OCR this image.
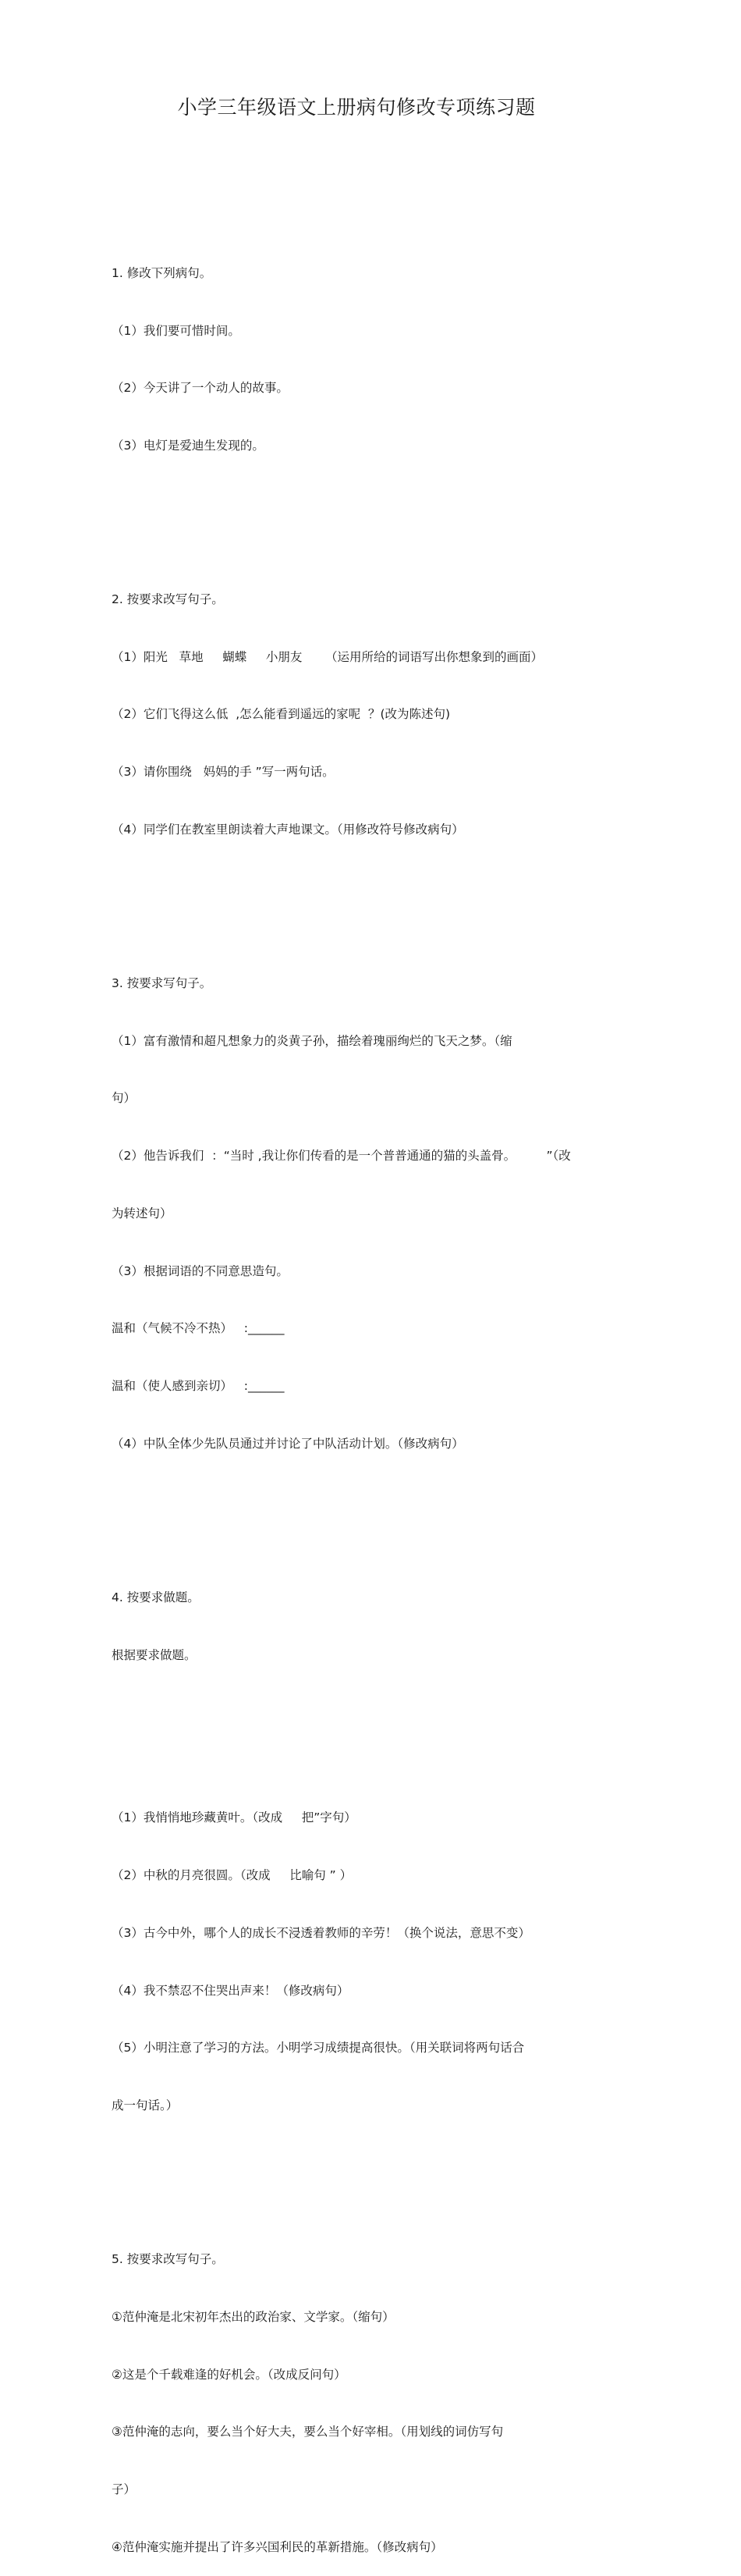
小学三年级语文上册病句修改专项练习题

1. 修改下列病句。

（1）我们要可惜时间。

（2）今天讲了一个动人的故事。

（3）电灯是爱迪生发现的。

2. 按要求改写句子。

（1）阳光   草地     蝴蝶     小朋友      （运用所给的词语写出你想象到的画面）

（2）它们飞得这么低  ,怎么能看到遥远的家呢  ？(改为陈述句)

（3）请你围绕   妈妈的手 ”写一两句话。

（4）同学们在教室里朗读着大声地课文。（用修改符号修改病句）

3. 按要求写句子。

（1）富有激情和超凡想象力的炎黄子孙，描绘着瑰丽绚烂的飞天之梦。（缩

句）

（2）他告诉我们  ：“当时 ,我让你们传看的是一个普普通通的猫的头盖骨。        ”（改

为转述句）

（3）根据词语的不同意思造句。

温和（气候不冷不热）   :______

温和（使人感到亲切）   :______

（4）中队全体少先队员通过并讨论了中队活动计划。（修改病句）

4. 按要求做题。

根据要求做题。

（1）我悄悄地珍藏黄叶。（改成     把”字句）

（2）中秋的月亮很圆。（改成     比喻句 ” ）

（3）古今中外，哪个人的成长不浸透着教师的辛劳！（换个说法，意思不变）

（4）我不禁忍不住哭出声来！（修改病句）

（5）小明注意了学习的方法。小明学习成绩提高很快。（用关联词将两句话合

成一句话。）

5. 按要求改写句子。

①范仲淹是北宋初年杰出的政治家、文学家。（缩句）

②这是个千载难逢的好机会。（改成反问句）

③范仲淹的志向，要么当个好大夫，要么当个好宰相。（用划线的词仿写句

子）

④范仲淹实施并提出了许多兴国利民的革新措施。（修改病句）
